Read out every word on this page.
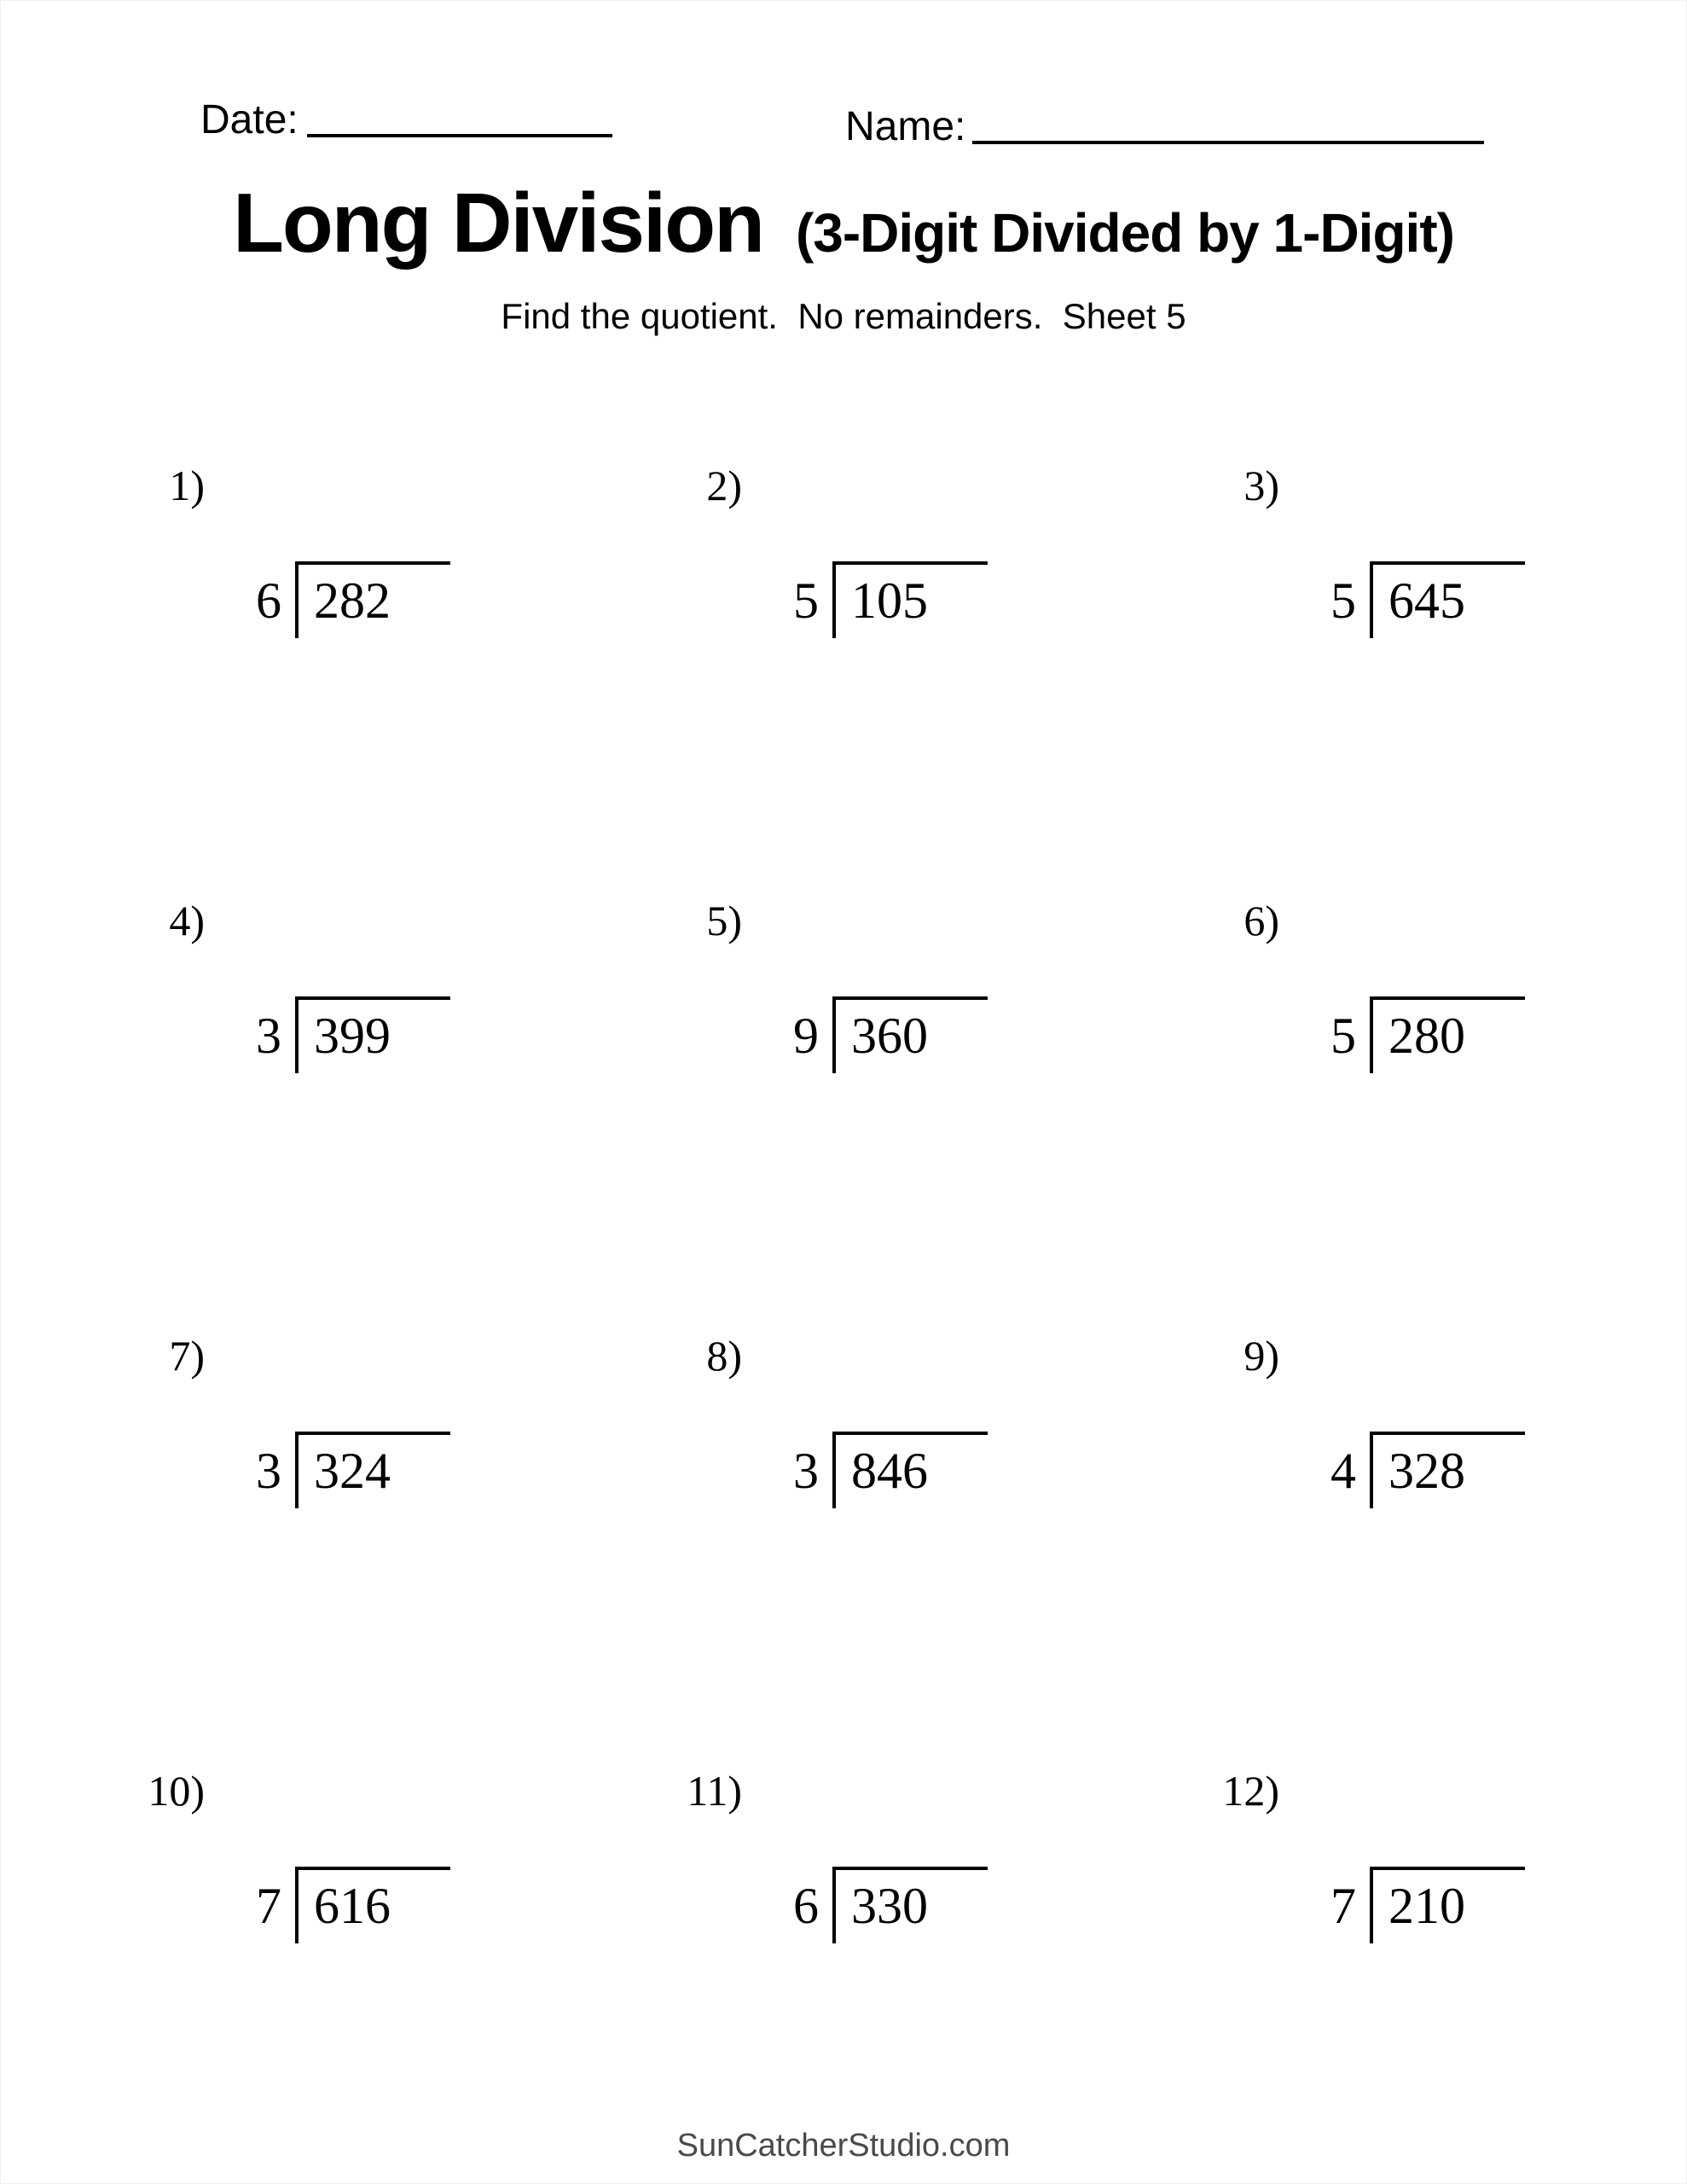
Date:	Name:
Long Division (3-Digit Divided by 1-Digit)
Find the quotient.  No remainders.  Sheet 5
1)
6 282
2)
5 105
3)
5 645
4)
3 399
5)
9 360
6)
5 280
7)
3 324
8)
3 846
9)
4 328
10)
7 616
11)
6 330
12)
7 210
SunCatcherStudio.com
